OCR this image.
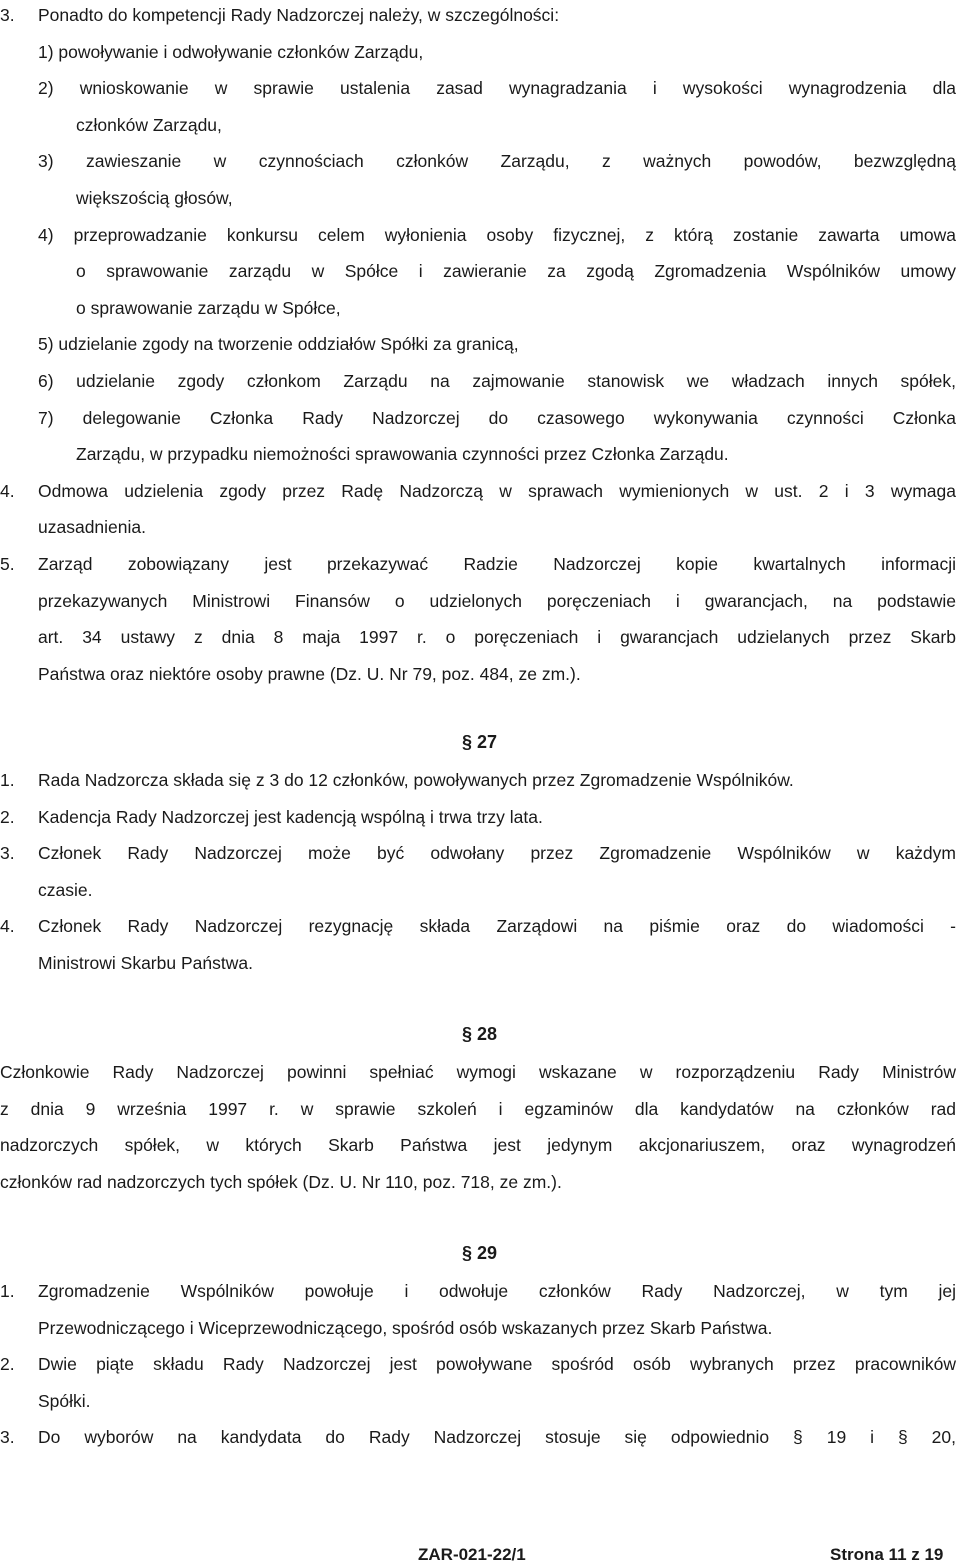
3. Ponadto do kompetencji Rady Nadzorczej należy, w szczególności:
1) powoływanie i odwoływanie członków Zarządu,
2) wnioskowanie w sprawie ustalenia zasad wynagradzania i wysokości wynagrodzenia dla
członków Zarządu,
3) zawieszanie w czynnościach członków Zarządu, z ważnych powodów, bezwzględną
większością głosów,
4) przeprowadzanie konkursu celem wyłonienia osoby fizycznej, z którą zostanie zawarta umowa
o sprawowanie zarządu w Spółce i zawieranie za zgodą Zgromadzenia Wspólników umowy
o sprawowanie zarządu w Spółce,
5) udzielanie zgody na tworzenie oddziałów Spółki za granicą,
6) udzielanie zgody członkom Zarządu na zajmowanie stanowisk we władzach innych spółek,
7) delegowanie Członka Rady Nadzorczej do czasowego wykonywania czynności Członka
Zarządu, w przypadku niemożności sprawowania czynności przez Członka Zarządu.
4. Odmowa udzielenia zgody przez Radę Nadzorczą w sprawach wymienionych w ust. 2 i 3 wymaga
uzasadnienia.
5. Zarząd zobowiązany jest przekazywać Radzie Nadzorczej kopie kwartalnych informacji
przekazywanych Ministrowi Finansów o udzielonych poręczeniach i gwarancjach, na podstawie
art. 34 ustawy z dnia 8 maja 1997 r. o poręczeniach i gwarancjach udzielanych przez Skarb
Państwa oraz niektóre osoby prawne (Dz. U. Nr 79, poz. 484, ze zm.).
§ 27
1. Rada Nadzorcza składa się z 3 do 12 członków, powoływanych przez Zgromadzenie Wspólników.
2. Kadencja Rady Nadzorczej jest kadencją wspólną i trwa trzy lata.
3. Członek Rady Nadzorczej może być odwołany przez Zgromadzenie Wspólników w każdym
czasie.
4. Członek Rady Nadzorczej rezygnację składa Zarządowi na piśmie oraz do wiadomości -
Ministrowi Skarbu Państwa.
§ 28
Członkowie Rady Nadzorczej powinni spełniać wymogi wskazane w rozporządzeniu Rady Ministrów
z dnia 9 września 1997 r. w sprawie szkoleń i egzaminów dla kandydatów na członków rad
nadzorczych spółek, w których Skarb Państwa jest jedynym akcjonariuszem, oraz wynagrodzeń
członków rad nadzorczych tych spółek (Dz. U. Nr 110, poz. 718, ze zm.).
§ 29
1. Zgromadzenie Wspólników powołuje i odwołuje członków Rady Nadzorczej, w tym jej
Przewodniczącego i Wiceprzewodniczącego, spośród osób wskazanych przez Skarb Państwa.
2. Dwie piąte składu Rady Nadzorczej jest powoływane spośród osób wybranych przez pracowników
Spółki.
3. Do wyborów na kandydata do Rady Nadzorczej stosuje się odpowiednio § 19 i § 20,
ZAR-021-22/1	Strona 11 z 19
